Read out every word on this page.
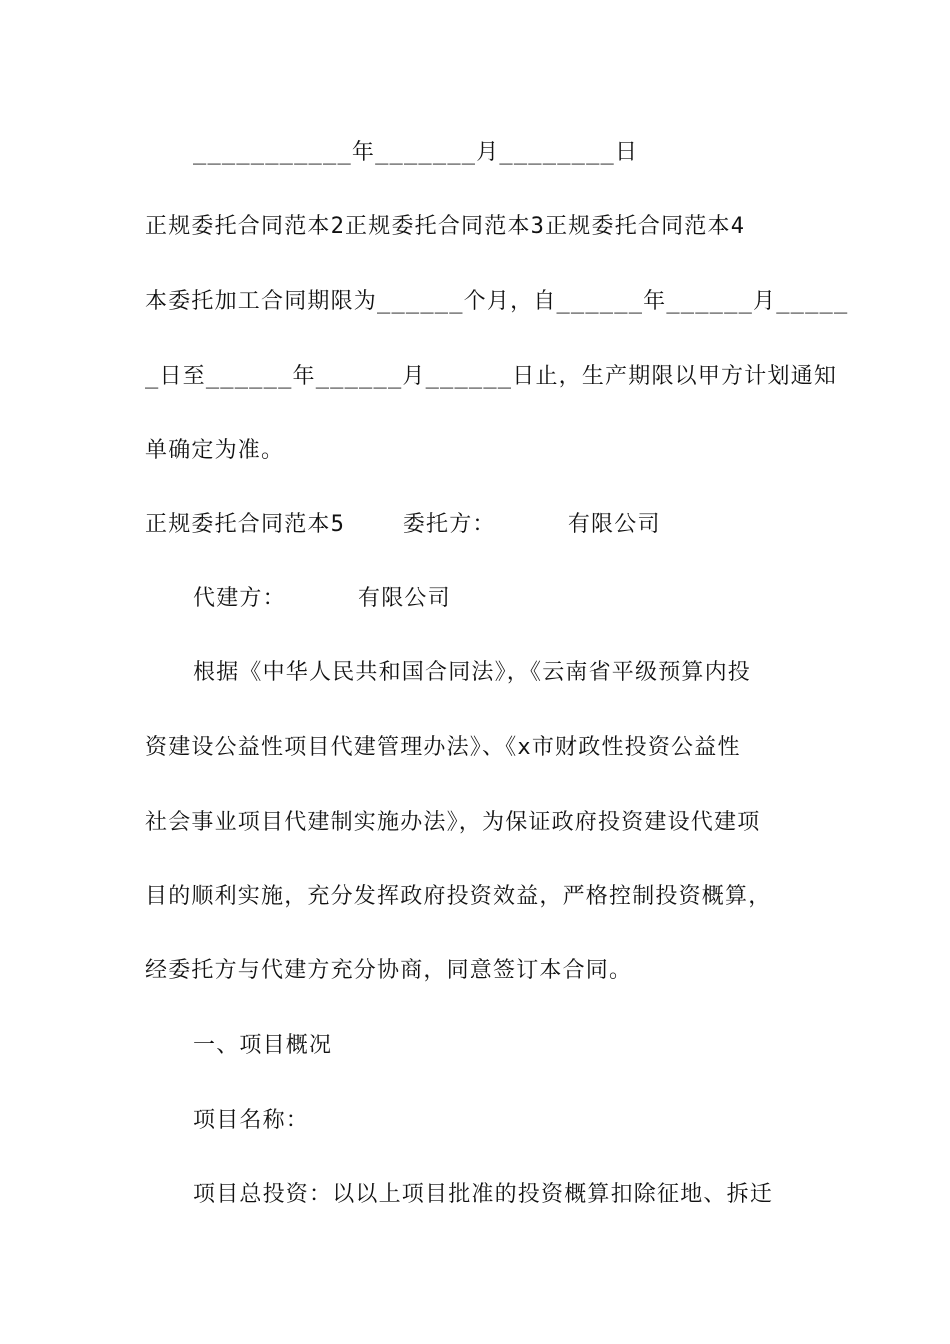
___________年_______月________日
正规委托合同范本2正规委托合同范本3正规委托合同范本4
本委托加工合同期限为______个月，自______年______月_____
_日至______年______月______日止，生产期限以甲方计划通知
单确定为准。
正规委托合同范本5    委托方：     有限公司
代建方：     有限公司
根据《中华人民共和国合同法》，《云南省平级预算内投
资建设公益性项目代建管理办法》、《x市财政性投资公益性
社会事业项目代建制实施办法》，为保证政府投资建设代建项
目的顺利实施，充分发挥政府投资效益，严格控制投资概算，
经委托方与代建方充分协商，同意签订本合同。
一、项目概况
项目名称：
项目总投资：以以上项目批准的投资概算扣除征地、拆迁
